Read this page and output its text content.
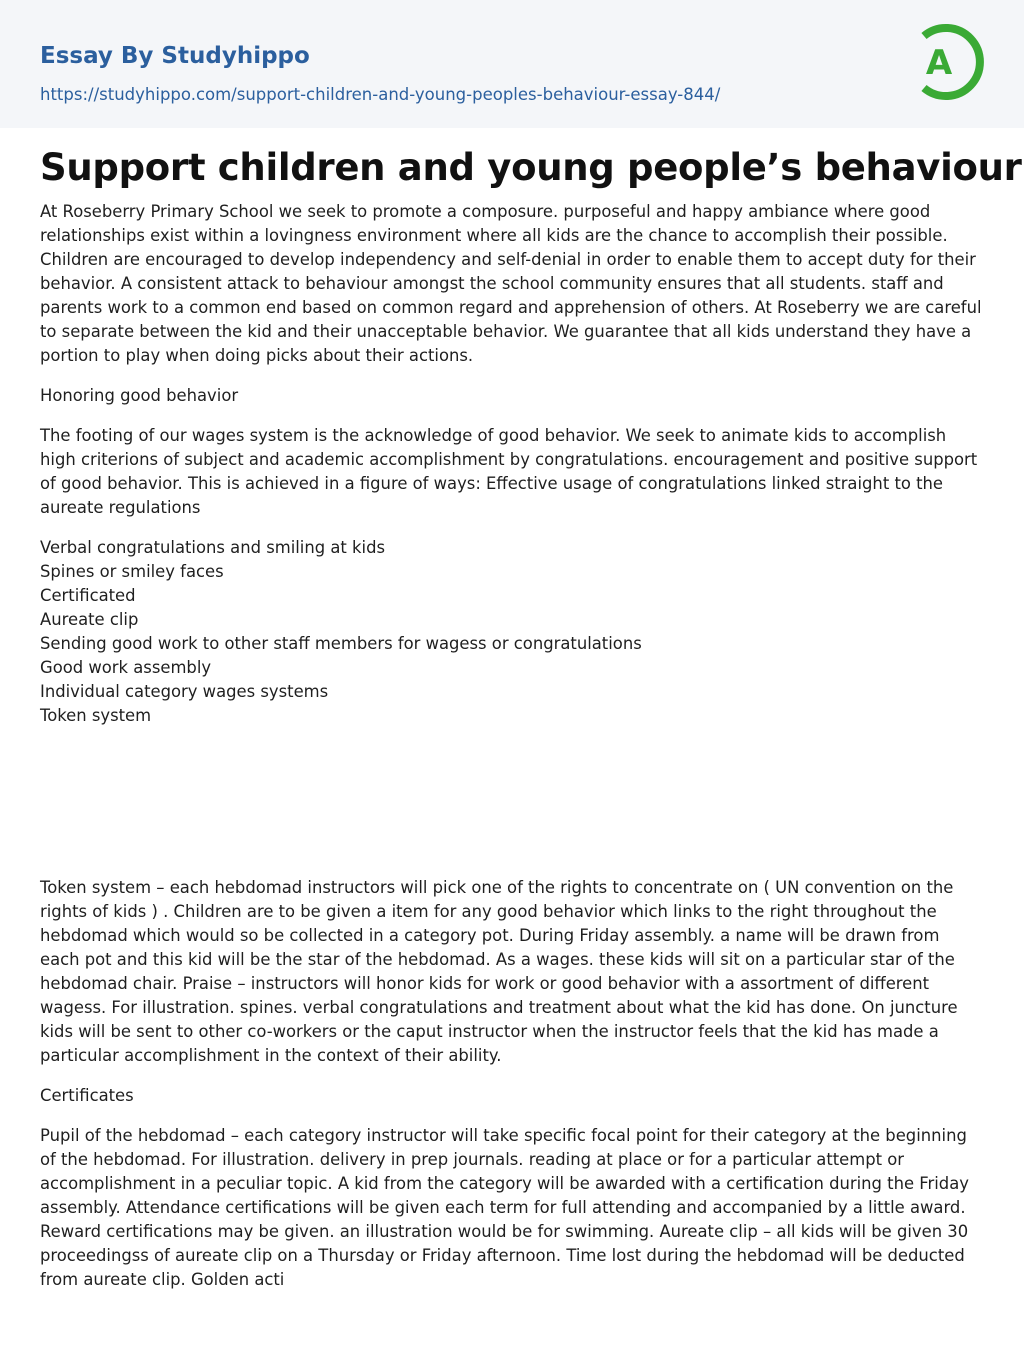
Essay By Studyhippo
https://studyhippo.com/support-children-and-young-peoples-behaviour-essay-844/
A
Support children and young people’s behaviour

At Roseberry Primary School we seek to promote a composure. purposeful and happy ambiance where good relationships exist within a lovingness environment where all kids are the chance to accomplish their possible. Children are encouraged to develop independency and self-denial in order to enable them to accept duty for their behavior. A consistent attack to behaviour amongst the school community ensures that all students. staff and parents work to a common end based on common regard and apprehension of others. At Roseberry we are careful to separate between the kid and their unacceptable behavior. We guarantee that all kids understand they have a portion to play when doing picks about their actions.

Honoring good behavior

The footing of our wages system is the acknowledge of good behavior. We seek to animate kids to accomplish high criterions of subject and academic accomplishment by congratulations. encouragement and positive support of good behavior. This is achieved in a figure of ways: Effective usage of congratulations linked straight to the aureate regulations

Verbal congratulations and smiling at kids
Spines or smiley faces
Certificated
Aureate clip
Sending good work to other staff members for wagess or congratulations
Good work assembly
Individual category wages systems
Token system

Token system – each hebdomad instructors will pick one of the rights to concentrate on ( UN convention on the rights of kids ) . Children are to be given a item for any good behavior which links to the right throughout the hebdomad which would so be collected in a category pot. During Friday assembly. a name will be drawn from each pot and this kid will be the star of the hebdomad. As a wages. these kids will sit on a particular star of the hebdomad chair. Praise – instructors will honor kids for work or good behavior with a assortment of different wagess. For illustration. spines. verbal congratulations and treatment about what the kid has done. On juncture kids will be sent to other co-workers or the caput instructor when the instructor feels that the kid has made a particular accomplishment in the context of their ability.

Certificates

Pupil of the hebdomad – each category instructor will take specific focal point for their category at the beginning of the hebdomad. For illustration. delivery in prep journals. reading at place or for a particular attempt or accomplishment in a peculiar topic. A kid from the category will be awarded with a certification during the Friday assembly. Attendance certifications will be given each term for full attending and accompanied by a little award. Reward certifications may be given. an illustration would be for swimming. Aureate clip – all kids will be given 30 proceedingss of aureate clip on a Thursday or Friday afternoon. Time lost during the hebdomad will be deducted from aureate clip. Golden acti
